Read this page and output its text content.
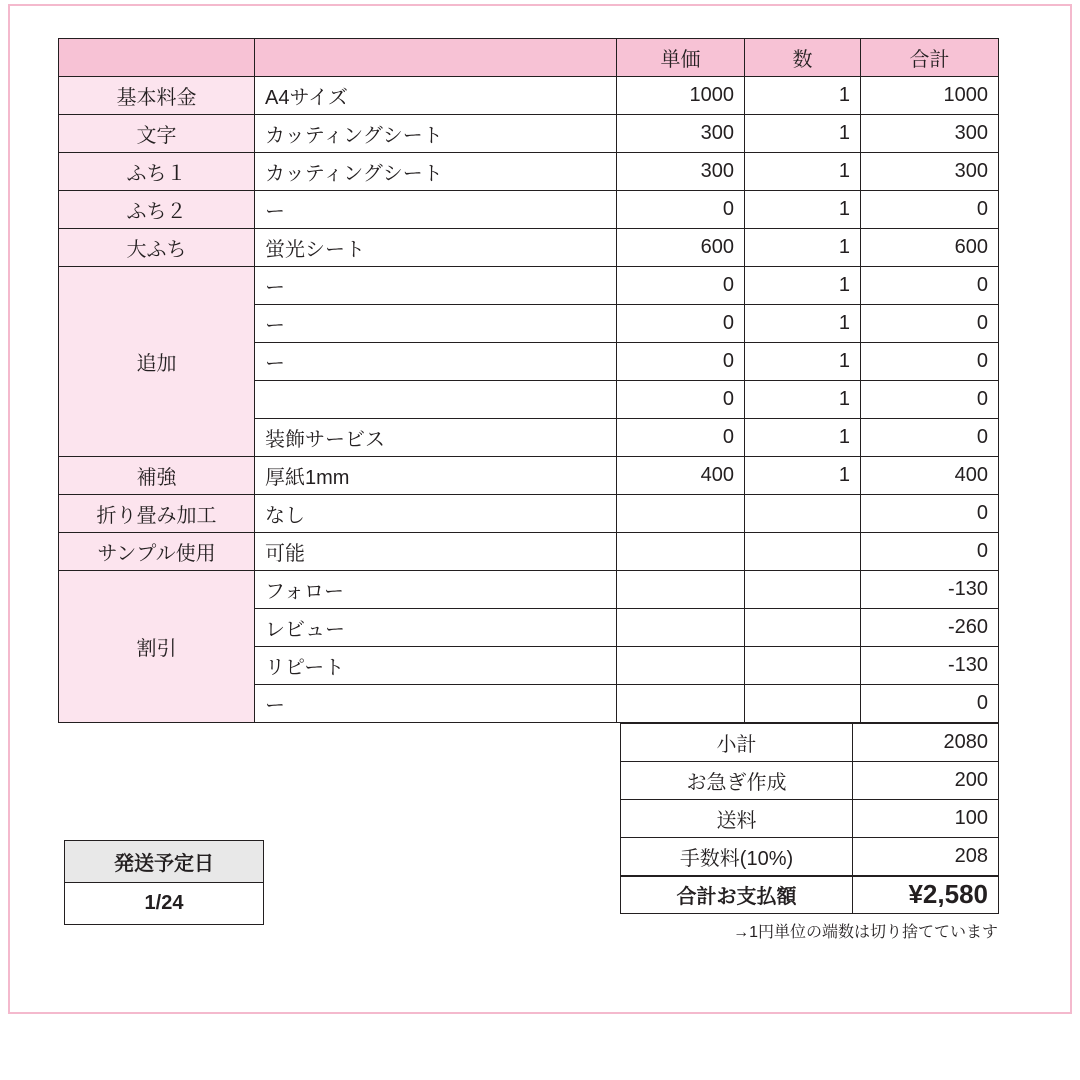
		単価	数	合計
基本料金	A4サイズ	1000	1	1000
文字	カッティングシート	300	1	300
ふち１	カッティングシート	300	1	300
ふち２	ー	0	1	0
大ふち	蛍光シート	600	1	600
追加	ー	0	1	0
	ー	0	1	0
	ー	0	1	0
		0	1	0
	装飾サービス	0	1	0
補強	厚紙1mm	400	1	400
折り畳み加工	なし			0
サンプル使用	可能			0
割引	フォロー			-130
	レビュー			-260
	リピート			-130
	ー			0
小計	2080
お急ぎ作成	200
送料	100
手数料(10%)	208
合計お支払額	¥2,580
→1円単位の端数は切り捨てています
発送予定日
1/24
